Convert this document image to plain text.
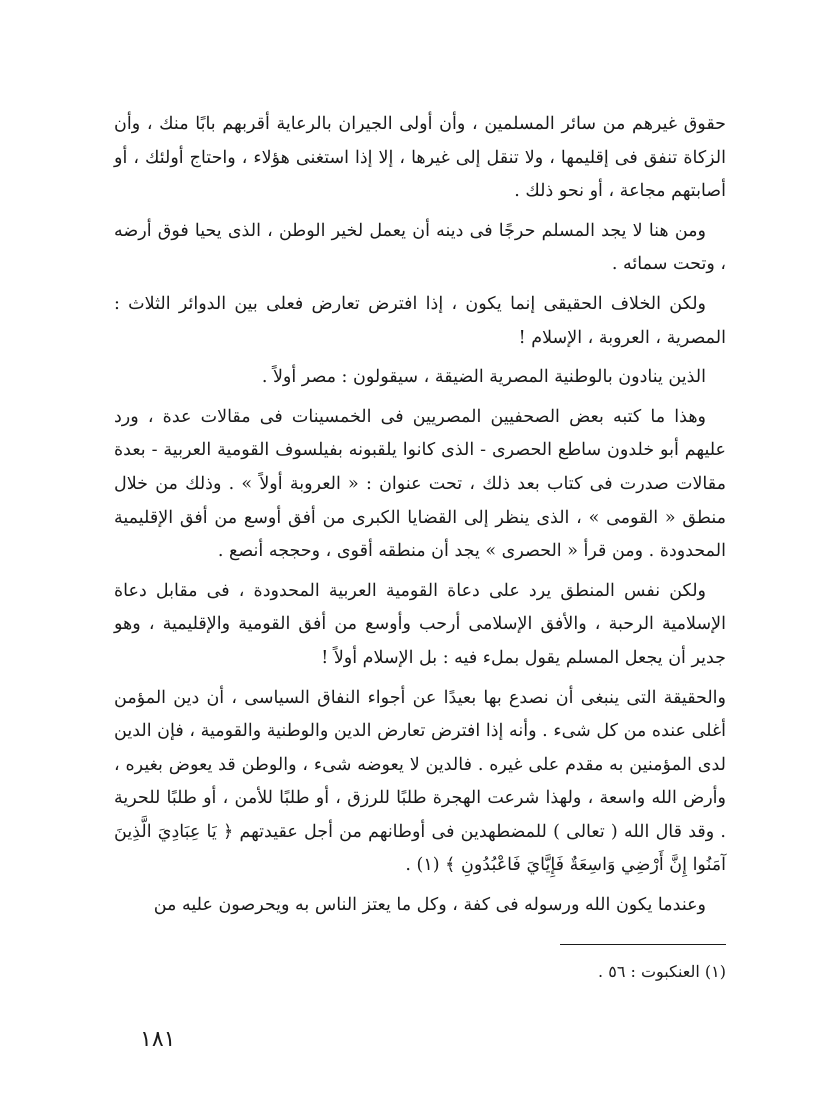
حقوق غيرهم من سائر المسلمين ، وأن أولى الجيران بالرعاية أقربهم بابًا منك ، وأن الزكاة تنفق فى إقليمها ، ولا تنقل إلى غيرها ، إلا إذا استغنى هؤلاء ، واحتاج أولئك ، أو أصابتهم مجاعة ، أو نحو ذلك .

ومن هنا لا يجد المسلم حرجًا فى دينه أن يعمل لخير الوطن ، الذى يحيا فوق أرضه ، وتحت سمائه .

ولكن الخلاف الحقيقى إنما يكون ، إذا افترض تعارض فعلى بين الدوائر الثلاث : المصرية ، العروبة ، الإسلام !

الذين ينادون بالوطنية المصرية الضيقة ، سيقولون : مصر أولاً .

وهذا ما كتبه بعض الصحفيين المصريين فى الخمسينات فى مقالات عدة ، ورد عليهم أبو خلدون ساطع الحصرى - الذى كانوا يلقبونه بفيلسوف القومية العربية - بعدة مقالات صدرت فى كتاب بعد ذلك ، تحت عنوان : « العروبة أولاً » . وذلك من خلال منطق « القومى » ، الذى ينظر إلى القضايا الكبرى من أفق أوسع من أفق الإقليمية المحدودة . ومن قرأ « الحصرى » يجد أن منطقه أقوى ، وحججه أنصع .

ولكن نفس المنطق يرد على دعاة القومية العربية المحدودة ، فى مقابل دعاة الإسلامية الرحبة ، والأفق الإسلامى أرحب وأوسع من أفق القومية والإقليمية ، وهو جدير أن يجعل المسلم يقول بملء فيه : بل الإسلام أولاً !

والحقيقة التى ينبغى أن نصدع بها بعيدًا عن أجواء النفاق السياسى ، أن دين المؤمن أغلى عنده من كل شىء . وأنه إذا افترض تعارض الدين والوطنية والقومية ، فإن الدين لدى المؤمنين به مقدم على غيره . فالدين لا يعوضه شىء ، والوطن قد يعوض بغيره ، وأرض الله واسعة ، ولهذا شرعت الهجرة طلبًا للرزق ، أو طلبًا للأمن ، أو طلبًا للحرية . وقد قال الله ( تعالى ) للمضطهدين فى أوطانهم من أجل عقيدتهم ﴿ يَا عِبَادِيَ الَّذِينَ آمَنُوا إِنَّ أَرْضِي وَاسِعَةٌ فَإِيَّايَ فَاعْبُدُونِ ﴾ (١) .

وعندما يكون الله ورسوله فى كفة ، وكل ما يعتز الناس به ويحرصون عليه من

(١) العنكبوت : ٥٦ .
١٨١
